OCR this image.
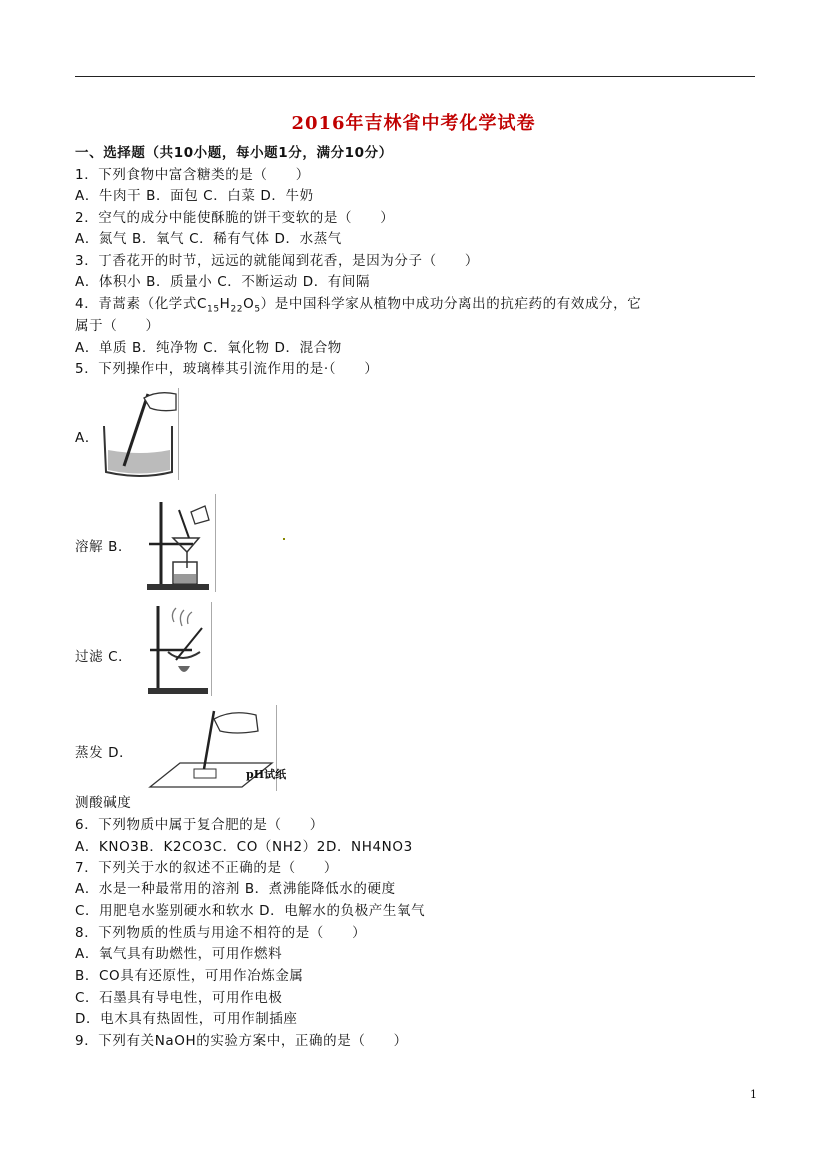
2016年吉林省中考化学试卷
一、选择题（共10小题，每小题1分，满分10分）
1．下列食物中富含糖类的是（　　）
A．牛肉干 B．面包 C．白菜 D．牛奶
2．空气的成分中能使酥脆的饼干变软的是（　　）
A．氮气 B．氧气 C．稀有气体 D．水蒸气
3．丁香花开的时节，远远的就能闻到花香，是因为分子（　　）
A．体积小 B．质量小 C．不断运动 D．有间隔
4．青蒿素（化学式$C_{15}H_{22}O_5$）是中国科学家从植物中成功分离出的抗疟药的有效成分，它
属于（　　）
A．单质 B．纯净物 C．氧化物 D．混合物
5．下列操作中，玻璃棒其引流作用的是·（　　）
A．
溶解 B．
过滤 C．
蒸发 D．
pH试纸
测酸碱度
6．下列物质中属于复合肥的是（　　）
A．KNO3B．K2CO3C．CO（NH2）2D．NH4NO3
7．下列关于水的叙述不正确的是（　　）
A．水是一种最常用的溶剂 B．煮沸能降低水的硬度
C．用肥皂水鉴别硬水和软水 D．电解水的负极产生氧气
8．下列物质的性质与用途不相符的是（　　）
A．氧气具有助燃性，可用作燃料
B．CO具有还原性，可用作冶炼金属
C．石墨具有导电性，可用作电极
D．电木具有热固性，可用作制插座
9．下列有关NaOH的实验方案中，正确的是（　　）
1
